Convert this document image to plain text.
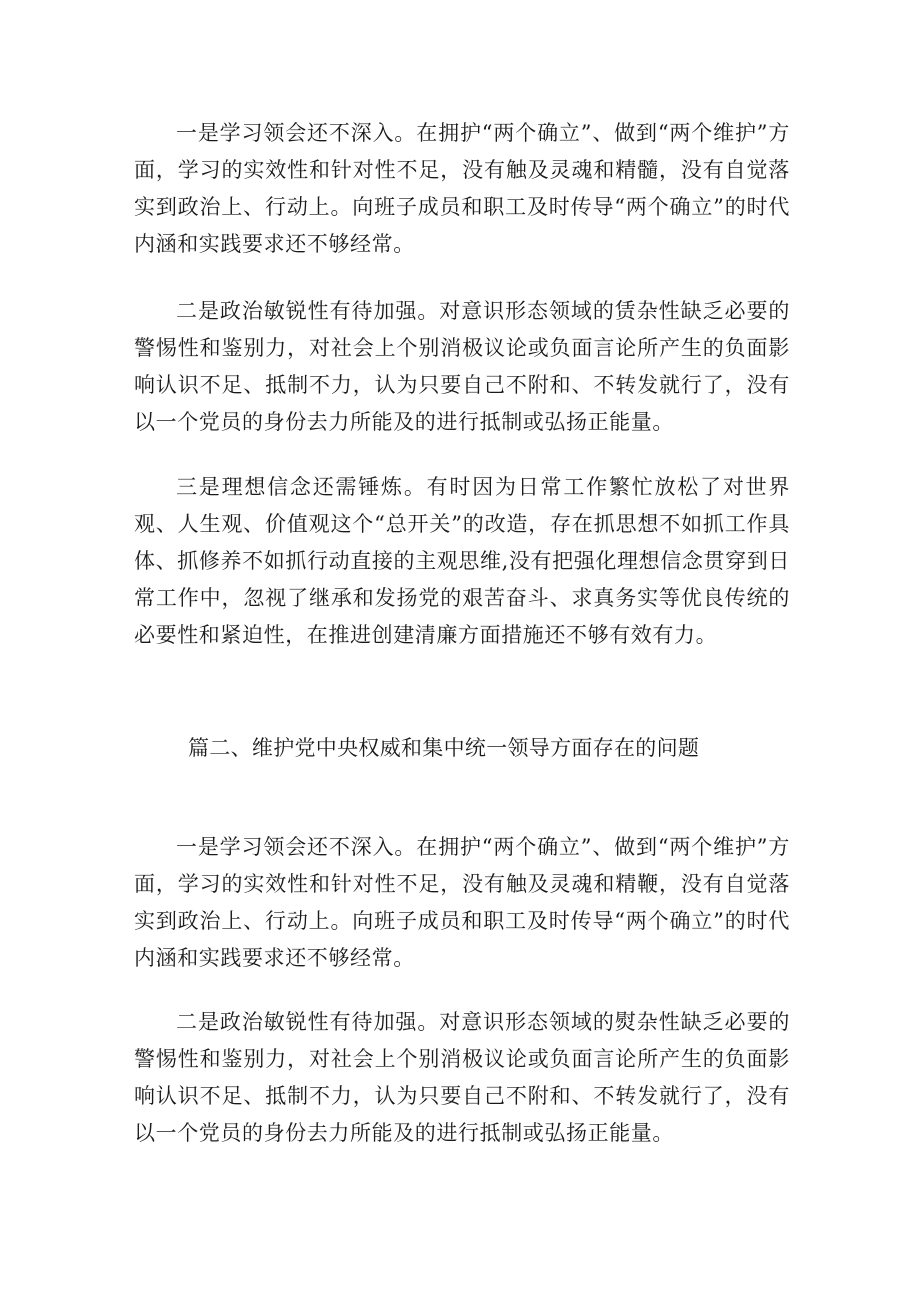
一是学习领会还不深入。在拥护“两个确立”、做到“两个维护”方面，学习的实效性和针对性不足，没有触及灵魂和精髓，没有自觉落实到政治上、行动上。向班子成员和职工及时传导“两个确立”的时代内涵和实践要求还不够经常。

二是政治敏锐性有待加强。对意识形态领域的赁杂性缺乏必要的警惕性和鉴别力，对社会上个别消极议论或负面言论所产生的负面影响认识不足、抵制不力，认为只要自己不附和、不转发就行了，没有以一个党员的身份去力所能及的进行抵制或弘扬正能量。

三是理想信念还需锤炼。有时因为日常工作繁忙放松了对世界观、人生观、价值观这个“总开关”的改造，存在抓思想不如抓工作具体、抓修养不如抓行动直接的主观思维,没有把强化理想信念贯穿到日常工作中，忽视了继承和发扬党的艰苦奋斗、求真务实等优良传统的必要性和紧迫性，在推进创建清廉方面措施还不够有效有力。

篇二、维护党中央权威和集中统一领导方面存在的问题

一是学习领会还不深入。在拥护“两个确立”、做到“两个维护”方面，学习的实效性和针对性不足，没有触及灵魂和精鞭，没有自觉落实到政治上、行动上。向班子成员和职工及时传导“两个确立”的时代内涵和实践要求还不够经常。

二是政治敏锐性有待加强。对意识形态领域的熨杂性缺乏必要的警惕性和鉴别力，对社会上个别消极议论或负面言论所产生的负面影响认识不足、抵制不力，认为只要自己不附和、不转发就行了，没有以一个党员的身份去力所能及的进行抵制或弘扬正能量。
